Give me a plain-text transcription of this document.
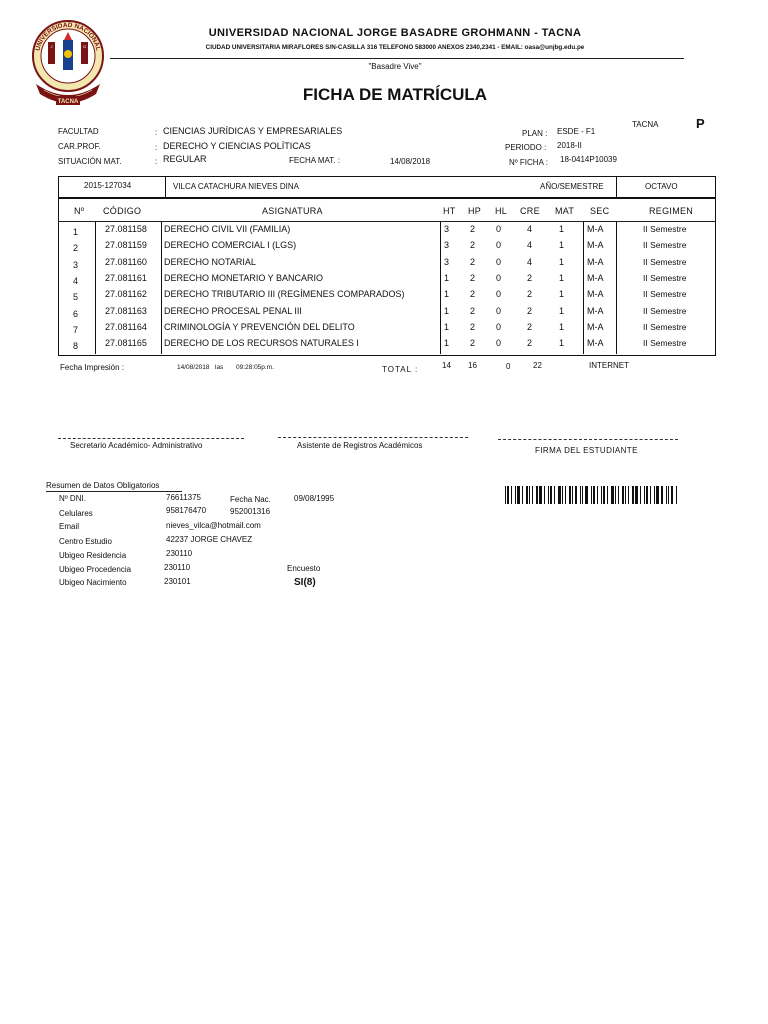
UNIVERSIDAD NACIONAL
J	G
TACNA
UNIVERSIDAD NACIONAL JORGE BASADRE GROHMANN - TACNA
CIUDAD UNIVERSITARIA MIRAFLORES S/N-CASILLA 316 TELEFONO 583000 ANEXOS 2340,2341 - EMAIL: oasa@unjbg.edu.pe
"Basadre Vive"
FICHA DE MATRÍCULA
TACNA	P
FACULTAD	: CIENCIAS JURÍDICAS Y EMPRESARIALES
CAR.PROF.	: DERECHO Y CIENCIAS POLÍTICAS
SITUACIÓN MAT.	: REGULAR	FECHA MAT. :	14/08/2018
PLAN : ESDE - F1
PERIODO : 2018-II
Nº FICHA : 18-0414P10039
2015-127034	VILCA CATACHURA NIEVES DINA	AÑO/SEMESTRE	OCTAVO
Nº CÓDIGO	ASIGNATURA	HT HP HL CRE MAT SEC	REGIMEN
1	27.081158 DERECHO CIVIL VII (FAMILIA)	3 2 0	4	1	M-A	II Semestre
2	27.081159 DERECHO COMERCIAL I (LGS)	3 2 0	4	1	M-A	II Semestre
3	27.081160 DERECHO NOTARIAL	3 2 0	4	1	M-A	II Semestre
4	27.081161 DERECHO MONETARIO Y BANCARIO	1 2 0	2	1	M-A	II Semestre
5	27.081162 DERECHO TRIBUTARIO III (REGÍMENES COMPARADOS)	1 2 0	2	1	M-A	II Semestre
6	27.081163 DERECHO PROCESAL PENAL III	1 2 0	2	1	M-A	II Semestre
7	27.081164 CRIMINOLOGÍA Y PREVENCIÓN DEL DELITO	1 2 0	2	1	M-A	II Semestre
8	27.081165 DERECHO DE LOS RECURSOS NATURALES I	1 2 0	2	1	M-A	II Semestre
Fecha Impresión :	14/08/2018 las 09:28:05p.m.	TOTAL :	14 16	0	22	INTERNET
Secretario Académico- Administrativo	Asistente de Registros Académicos
FIRMA DEL ESTUDIANTE
Resumen de Datos Obligatorios
Nº DNI.	76611375	Fecha Nac.	09/08/1995
Celulares	958176470	952001316
Email	nieves_vilca@hotmail.com
Centro Estudio	42237 JORGE CHAVEZ
Ubigeo Residencia	230110
Ubigeo Procedencia	230110	Encuesto
SI(8)
Ubigeo Nacimiento	230101
